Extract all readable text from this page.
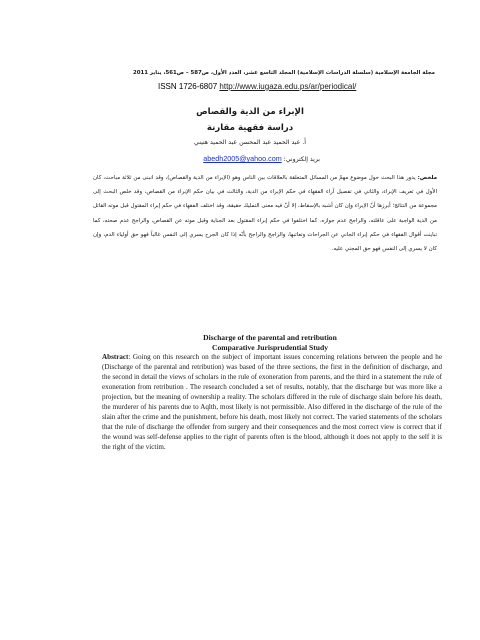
مجلة الجامعة الإسلامية (سلسلة الدراسات الإسلامية) المجلد التاسع عشر، العدد الأول، ص587 – ص561، يناير 2011
ISSN 1726-6807 http://www.iugaza.edu.ps/ar/periodical/
الإبراء من الدية والقصاص
دراسة فقهية مقارنة
أ. عبد الحميد عبد المحسن عبد الحميد هنيني
بريد إلكتروني: abedh2005@yahoo.com
ملخص: يدور هذا البحث حول موضوع مهمّ من المسائل المتعلقة بالعلاقات بين الناس وهو (الإبراء من الدية والقصاص)، وقد انبنى من ثلاثة مباحث، كان الأول في تعريف الإبراء، والثاني في تفصيل آراء الفقهاء في حكم الإبراء من الدية، والثالث في بيان حكم الإبراء من القصاص، وقد خلص البحث إلى مجموعة من النتائج؛ أبرزها أنّ الإبراء وإن كان أشبه بالإسقاط، إلا أنّ فيه معنى التمليك حقيقة، وقد اختلف الفقهاء في حكم إبراء المقتول قبل موته القاتل من الدية الواجبة على عاقلته، والراجح عدم جوازه. كما اختلفوا في حكم إبراء المقتول بعد الجناية وقبل موته عن القصاص، والراجح عدم صحته، كما تباينت أقوال الفقهاء في حكم إبراء الجاني عن الجراحات وتعاتبها، والراجح والراجح بأنّه إذا كان الجرح يسري إلى النفس غالباً فهو حق أولياء الدم، وإن كان لا يسري إلى النفس فهو حق المجني عليه.
Discharge of the parental and retribution
Comparative Jurisprudential Study
Abstract: Going on this research on the subject of important issues concerning relations between the people and he (Discharge of the parental and retribution) was based of the three sections, the first in the definition of discharge, and the second in detail the views of scholars in the rule of exoneration from parents, and the third in a statement the rule of exoneration from retribution . The research concluded a set of results, notably, that the discharge but was more like a projection, but the meaning of ownership a reality. The scholars differed in the rule of discharge slain before his death, the murderer of his parents due to Aqlth, most likely is not permissible. Also differed in the discharge of the rule of the slain after the crime and the punishment, before his death, most likely not correct. The varied statements of the scholars that the rule of discharge the offender from surgery and their consequences and the most correct view is correct that if the wound was self-defense applies to the right of parents often is the blood, although it does not apply to the self it is the right of the victim.
